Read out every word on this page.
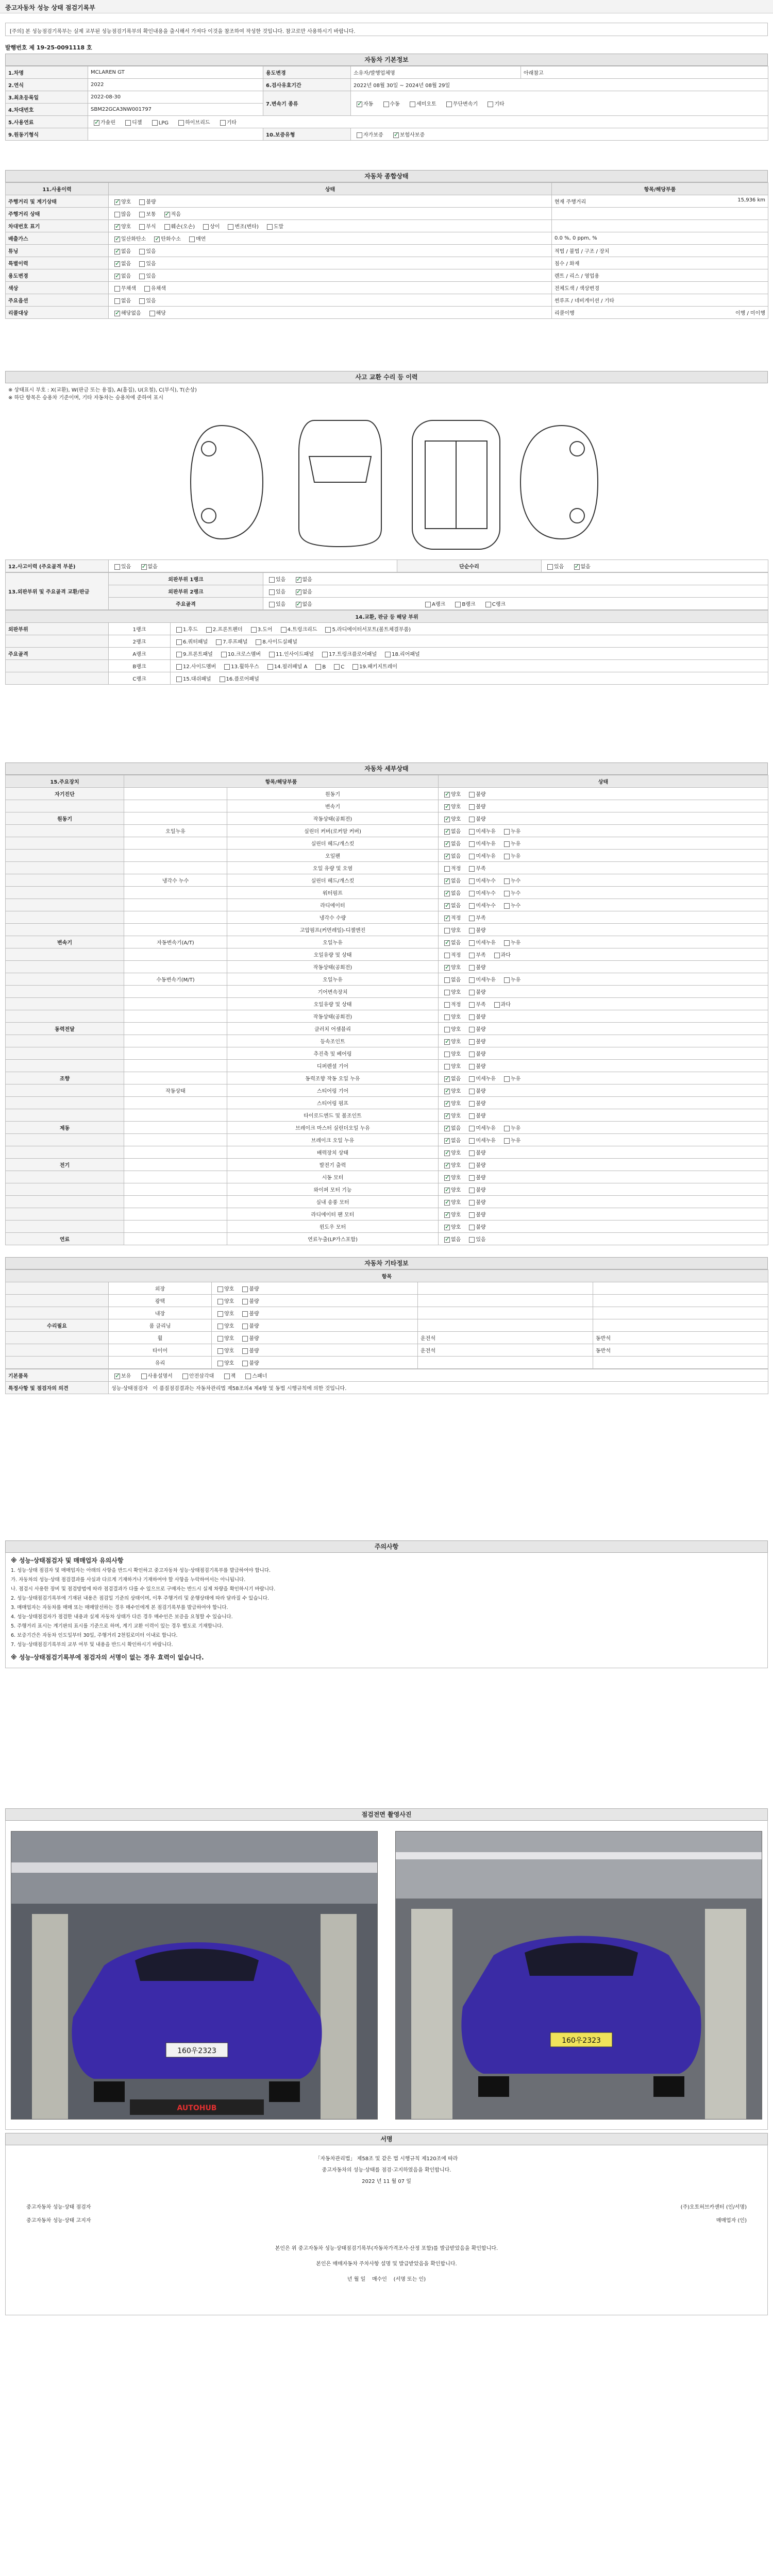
중고자동차 성능 상태 점검기록부
[주의] 본 성능점검기록부는 실제 교부된 성능점검기록부의 확인내용을 출시해서 가져다 이것을 참조하여 작성한 것입니다. 참고로만 사용하시기 바랍니다.
발행번호 제 19-25-0091118 호
자동차 기본정보
1.차명	MCLAREN GT	용도변경	소유자/발행업체명	아래참고
2.연식	2022	6.검사유효기간	2022년 08월 30일 ~ 2024년 08월 29일	
3.최초등록일	2022-08-30	7.변속기 종류	✓자동 수동 세미오토 무단변속기 기타
4.차대번호	SBM22GCA3NW001797			
5.사용연료	✓가솔린 디젤 LPG 하이브리드 기타
9.원동기형식		10.보증유형	자가보증 ✓ 보험사보증
자동차 종합상태
11.사용이력	상태	항목/해당부품
주행거리 및 계기상태	✓양호 불량	현재 주행거리 15,936 km

주행거리 상태	많음 보통 ✓ 적음	

차대번호 표기	✓양호 부식 훼손(오손) 상이 변조(변타) 도말	

배출가스	✓일산화탄소 ✓ 탄화수소 매연	0.0 %, 0 ppm, %

튜닝	✓없음 있음	적법 / 불법 / 구조 / 장치

특별이력	✓없음 있음	침수 / 화재

용도변경	✓없음 있음	렌트 / 리스 / 영업용

색상	무채색 유채색	전체도색 / 색상변경

주요옵션	없음 있음	썬루프 / 네비게이션 / 기타

리콜대상	✓해당없음 해당	리콜이행 이행 / 미이행
사고 교환 수리 등 이력
※ 상태표시 부호 : X(교환), W(판금 또는 용접), A(흠집), U(요철), C(부식), T(손상)
※ 하단 항목은 승용차 기준이며, 기타 자동차는 승용차에 준하여 표시
12.사고이력 (주요골격 부분)	있음 ✓	없음	단순수리	있음 ✓	없음
13.외판부위 및 주요골격 교환/판금	외판부위 1랭크	있음 ✓ 없음
	외판부위 2랭크	있음 ✓ 없음
	주요골격	있음 ✓ 없음 A랭크 B랭크 C랭크
14.교환, 판금 등 해당 부위		
외판부위	1랭크	1.후드 2.프론트펜더 3.도어 4.트렁크리드 5.라디에이터서포트(볼트체결부품)
	2랭크	6.쿼터패널 7.루프패널 8.사이드실패널
주요골격	A랭크	9.프론트패널 10.크로스멤버 11.인사이드패널 17.트렁크플로어패널 18.리어패널
	B랭크	12.사이드멤버 13.휠하우스 14.필러패널 A B C 19.패키지트레이
	C랭크	15.대쉬패널 16.플로어패널
자동차 세부상태
15.주요장치	항목/해당부품		상태
자기진단		원동기	✓양호 불량
		변속기	✓양호 불량
원동기		작동상태(공회전)	✓양호 불량
	오일누유	실린더 커버(로커암 커버)	✓없음 미세누유 누유
		실린더 헤드/개스킷	✓없음 미세누유 누유
		오일팬	✓없음 미세누유 누유
		오일 유량 및 오염	적정 부족
	냉각수 누수	실린더 헤드/개스킷	✓없음 미세누수 누수
		워터펌프	✓없음 미세누수 누수
		라디에이터	✓없음 미세누수 누수
		냉각수 수량	✓적정 부족
		고압펌프(커먼레일)-디젤엔진	양호 불량
변속기	자동변속기(A/T)	오일누유	✓없음 미세누유 누유
		오일유량 및 상태	적정 부족 과다
		작동상태(공회전)	✓양호 불량
	수동변속기(M/T)	오일누유	없음 미세누유 누유
		기어변속장치	양호 불량
		오일유량 및 상태	적정 부족 과다
		작동상태(공회전)	양호 불량
동력전달		클러치 어셈블리	양호 불량
		등속조인트	✓양호 불량
		추진축 및 베어링	양호 불량
		디퍼렌셜 기어	양호 불량
조향		동력조향 작동 오일 누유	✓없음 미세누유 누유
	작동상태	스티어링 기어	✓양호 불량
		스티어링 펌프	✓양호 불량
		타이로드엔드 및 볼조인트	✓양호 불량
제동		브레이크 마스터 실린더오일 누유	✓없음 미세누유 누유
		브레이크 오일 누유	✓없음 미세누유 누유
		배력장치 상태	✓양호 불량
전기		발전기 출력	✓양호 불량
		시동 모터	✓양호 불량
		와이퍼 모터 기능	✓양호 불량
		실내 송풍 모터	✓양호 불량
		라디에이터 팬 모터	✓양호 불량
		윈도우 모터	✓양호 불량
연료		연료누출(LP가스포함)	✓없음 있음
자동차 기타정보
항목				
	외장	양호 불량		
	광택	양호 불량		
	내장	양호 불량		
수리필요	룸 클리닝	양호 불량		
	휠	양호 불량	운전석	동반석
	타이어	양호 불량	운전석	동반석
	유리	양호 불량		
기본품목	✓보유 사용설명서 안전삼각대 잭 스패너
특정사항 및 점검자의 의견	성능·상태점검자 이 품질점검결과는 자동차관리법 제58조의4 제4항 및 동법 시행규칙에 의한 것입니다.
주의사항
※ 성능·상태점검자 및 매매업자 유의사항

1. 성능·상태 점검자 및 매매업자는 아래의 사항을 반드시 확인하고 중고자동차 성능·상태점검기록부를 발급하여야 합니다.

가. 자동차의 성능·상태 점검결과를 사실과 다르게 기재하거나 기재하여야 할 사항을 누락하여서는 아니됩니다.

나. 점검시 사용한 장비 및 점검방법에 따라 점검결과가 다를 수 있으므로 구매자는 반드시 실제 차량을 확인하시기 바랍니다.

2. 성능·상태점검기록부에 기재된 내용은 점검일 기준의 상태이며, 이후 주행거리 및 운행상태에 따라 달라질 수 있습니다.

3. 매매업자는 자동차를 매매 또는 매매알선하는 경우 매수인에게 본 점검기록부를 발급하여야 합니다.

4. 성능·상태점검자가 점검한 내용과 실제 자동차 상태가 다른 경우 매수인은 보증을 요청할 수 있습니다.

5. 주행거리 표시는 계기판의 표시를 기준으로 하며, 계기 교환 이력이 있는 경우 별도로 기재합니다.

6. 보증기간은 자동차 인도일부터 30일, 주행거리 2천킬로미터 이내로 합니다.

7. 성능·상태점검기록부의 교부 여부 및 내용을 반드시 확인하시기 바랍니다.

※ 성능·상태점검기록부에 점검자의 서명이 없는 경우 효력이 없습니다.
점검전면 촬영사진
160우2323
AUTOHUB
160우2323
서명
「자동차관리법」 제58조 및 같은 법 시행규칙 제120조에 따라
중고자동차의 성능·상태를 점검·고지하였음을 확인합니다.
2022 년 11 월 07 일
중고자동차 성능·상태 점검자	(주)오토허브카센터 (인/서명)
중고자동차 성능·상태 고지자	매매업자 (인)
본인은 위 중고자동차 성능·상태점검기록부(자동차가격조사·산정 포함)를 발급받았음을 확인합니다.
본인은 매매자동차 주차사항 설명 및 발급받았음을 확인합니다.
년 월 일 매수인 (서명 또는 인)
